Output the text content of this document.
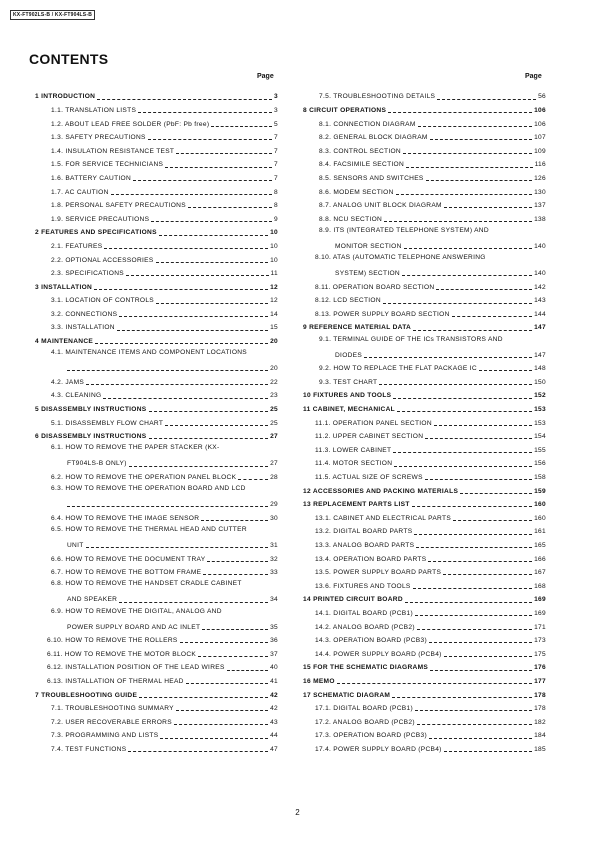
KX-FT902LS-B / KX-FT904LS-B
CONTENTS
Page	Page
1 INTRODUCTION	3
1.1. TRANSLATION LISTS	3
1.2. ABOUT LEAD FREE SOLDER (PbF: Pb free)	5
1.3. SAFETY PRECAUTIONS	7
1.4. INSULATION RESISTANCE TEST	7
1.5. FOR SERVICE TECHNICIANS	7
1.6. BATTERY CAUTION	7
1.7. AC CAUTION	8
1.8. PERSONAL SAFETY PRECAUTIONS	8
1.9. SERVICE PRECAUTIONS	9
2 FEATURES AND SPECIFICATIONS	10
2.1. FEATURES	10
2.2. OPTIONAL ACCESSORIES	10
2.3. SPECIFICATIONS	11
3 INSTALLATION	12
3.1. LOCATION OF CONTROLS	12
3.2. CONNECTIONS	14
3.3. INSTALLATION	15
4 MAINTENANCE	20
4.1. MAINTENANCE ITEMS AND COMPONENT LOCATIONS
20
4.2. JAMS	22
4.3. CLEANING	23
5 DISASSEMBLY INSTRUCTIONS	25
5.1. DISASSEMBLY FLOW CHART	25
6 DISASSEMBLY INSTRUCTIONS	27
6.1. HOW TO REMOVE THE PAPER STACKER (KX-
FT904LS-B ONLY)	27
6.2. HOW TO REMOVE THE OPERATION PANEL BLOCK	28
6.3. HOW TO REMOVE THE OPERATION BOARD AND LCD
29
6.4. HOW TO REMOVE THE IMAGE SENSOR	30
6.5. HOW TO REMOVE THE THERMAL HEAD AND CUTTER
UNIT	31
6.6. HOW TO REMOVE THE DOCUMENT TRAY	32
6.7. HOW TO REMOVE THE BOTTOM FRAME	33
6.8. HOW TO REMOVE THE HANDSET CRADLE CABINET
AND SPEAKER	34
6.9. HOW TO REMOVE THE DIGITAL, ANALOG AND
POWER SUPPLY BOARD AND AC INLET	35
6.10. HOW TO REMOVE THE ROLLERS	36
6.11. HOW TO REMOVE THE MOTOR BLOCK	37
6.12. INSTALLATION POSITION OF THE LEAD WIRES	40
6.13. INSTALLATION OF THERMAL HEAD	41
7 TROUBLESHOOTING GUIDE	42
7.1. TROUBLESHOOTING SUMMARY	42
7.2. USER RECOVERABLE ERRORS	43
7.3. PROGRAMMING AND LISTS	44
7.4. TEST FUNCTIONS	47
7.5. TROUBLESHOOTING DETAILS	56
8 CIRCUIT OPERATIONS	106
8.1. CONNECTION DIAGRAM	106
8.2. GENERAL BLOCK DIAGRAM	107
8.3. CONTROL SECTION	109
8.4. FACSIMILE SECTION	116
8.5. SENSORS AND SWITCHES	126
8.6. MODEM SECTION	130
8.7. ANALOG UNIT BLOCK DIAGRAM	137
8.8. NCU SECTION	138
8.9. ITS (INTEGRATED TELEPHONE SYSTEM) AND
MONITOR SECTION	140
8.10. ATAS (AUTOMATIC TELEPHONE ANSWERING
SYSTEM) SECTION	140
8.11. OPERATION BOARD SECTION	142
8.12. LCD SECTION	143
8.13. POWER SUPPLY BOARD SECTION	144
9 REFERENCE MATERIAL DATA	147
9.1. TERMINAL GUIDE OF THE ICs TRANSISTORS AND
DIODES	147
9.2. HOW TO REPLACE THE FLAT PACKAGE IC	148
9.3. TEST CHART	150
10 FIXTURES AND TOOLS	152
11 CABINET, MECHANICAL	153
11.1. OPERATION PANEL SECTION	153
11.2. UPPER CABINET SECTION	154
11.3. LOWER CABINET	155
11.4. MOTOR SECTION	156
11.5. ACTUAL SIZE OF SCREWS	158
12 ACCESSORIES AND PACKING MATERIALS	159
13 REPLACEMENT PARTS LIST	160
13.1. CABINET AND ELECTRICAL PARTS	160
13.2. DIGITAL BOARD PARTS	161
13.3. ANALOG BOARD PARTS	165
13.4. OPERATION BOARD PARTS	166
13.5. POWER SUPPLY BOARD PARTS	167
13.6. FIXTURES AND TOOLS	168
14 PRINTED CIRCUIT BOARD	169
14.1. DIGITAL BOARD (PCB1)	169
14.2. ANALOG BOARD (PCB2)	171
14.3. OPERATION BOARD (PCB3)	173
14.4. POWER SUPPLY BOARD (PCB4)	175
15 FOR THE SCHEMATIC DIAGRAMS	176
16 MEMO	177
17 SCHEMATIC DIAGRAM	178
17.1. DIGITAL BOARD (PCB1)	178
17.2. ANALOG BOARD (PCB2)	182
17.3. OPERATION BOARD (PCB3)	184
17.4. POWER SUPPLY BOARD (PCB4)	185
2
